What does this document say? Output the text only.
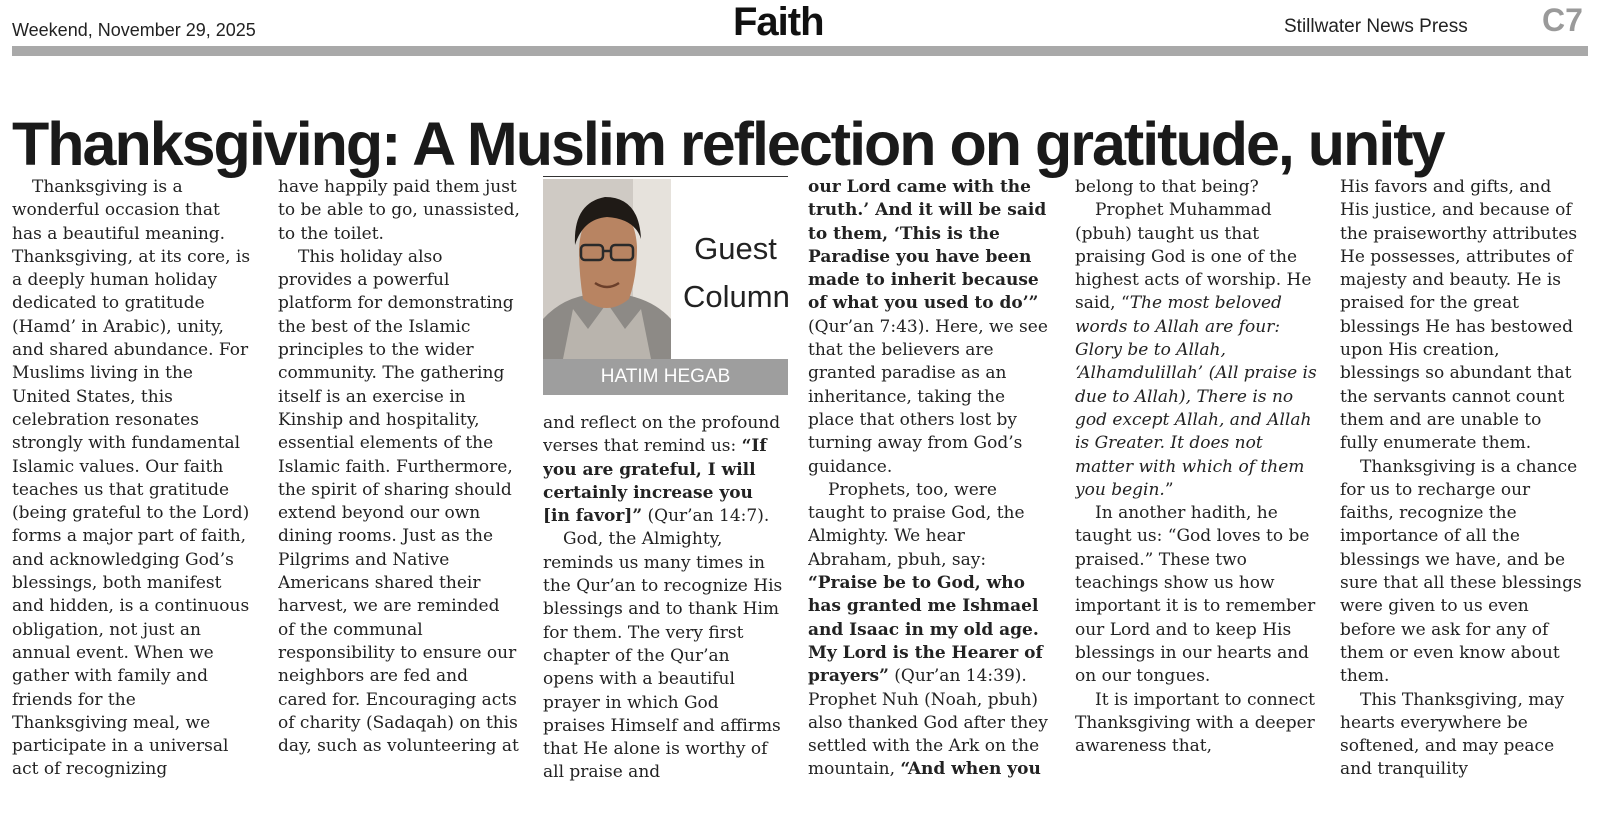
Weekend, November 29, 2025	Faith	Stillwater News Press C7
Thanksgiving: A Muslim reflection on gratitude, unity

Thanksgiving is a wonderful occasion that has a beautiful meaning. Thanksgiving, at its core, is a deeply human holiday dedicated to gratitude (Hamd’ in Arabic), unity, and shared abundance. For Muslims living in the United States, this celebration resonates strongly with fundamental Islamic values. Our faith teaches us that gratitude (being grateful to the Lord) forms a major part of faith, and acknowledging God’s blessings, both manifest and hidden, is a continuous obligation, not just an annual event. When we gather with family and friends for the Thanksgiving meal, we participate in a universal act of recognizing

have happily paid them just to be able to go, unassisted, to the toilet.

This holiday also provides a powerful platform for demonstrating the best of the Islamic principles to the wider community. The gathering itself is an exercise in Kinship and hospitality, essential elements of the Islamic faith. Furthermore, the spirit of sharing should extend beyond our own dining rooms. Just as the Pilgrims and Native Americans shared their harvest, we are reminded of the communal responsibility to ensure our neighbors are fed and cared for. Encouraging acts of charity (Sadaqah) on this day, such as volunteering at

Guest
Column
HATIM HEGAB

and reflect on the profound verses that remind us: “If you are grateful, I will certainly increase you [in favor]” (Qur’an 14:7).

God, the Almighty, reminds us many times in the Qur’an to recognize His blessings and to thank Him for them. The very first chapter of the Qur’an opens with a beautiful prayer in which God praises Himself and affirms that He alone is worthy of all praise and

our Lord came with the truth.’ And it will be said to them, ‘This is the Paradise you have been made to inherit because of what you used to do’” (Qur’an 7:43). Here, we see that the believers are granted paradise as an inheritance, taking the place that others lost by turning away from God’s guidance.

Prophets, too, were taught to praise God, the Almighty. We hear Abraham, pbuh, say: “Praise be to God, who has granted me Ishmael and Isaac in my old age. My Lord is the Hearer of prayers” (Qur’an 14:39). Prophet Nuh (Noah, pbuh) also thanked God after they settled with the Ark on the mountain, “And when you

belong to that being?

Prophet Muhammad (pbuh) taught us that praising God is one of the highest acts of worship. He said, “The most beloved words to Allah are four: Glory be to Allah, ‘Alhamdulillah’ (All praise is due to Allah), There is no god except Allah, and Allah is Greater. It does not matter with which of them you begin.”

In another hadith, he taught us: “God loves to be praised.” These two teachings show us how important it is to remember our Lord and to keep His blessings in our hearts and on our tongues.

It is important to connect Thanksgiving with a deeper awareness that,

His favors and gifts, and His justice, and because of the praiseworthy attributes He possesses, attributes of majesty and beauty. He is praised for the great blessings He has bestowed upon His creation, blessings so abundant that the servants cannot count them and are unable to fully enumerate them.

Thanksgiving is a chance for us to recharge our faiths, recognize the importance of all the blessings we have, and be sure that all these blessings were given to us even before we ask for any of them or even know about them.

This Thanksgiving, may hearts everywhere be softened, and may peace and tranquility
